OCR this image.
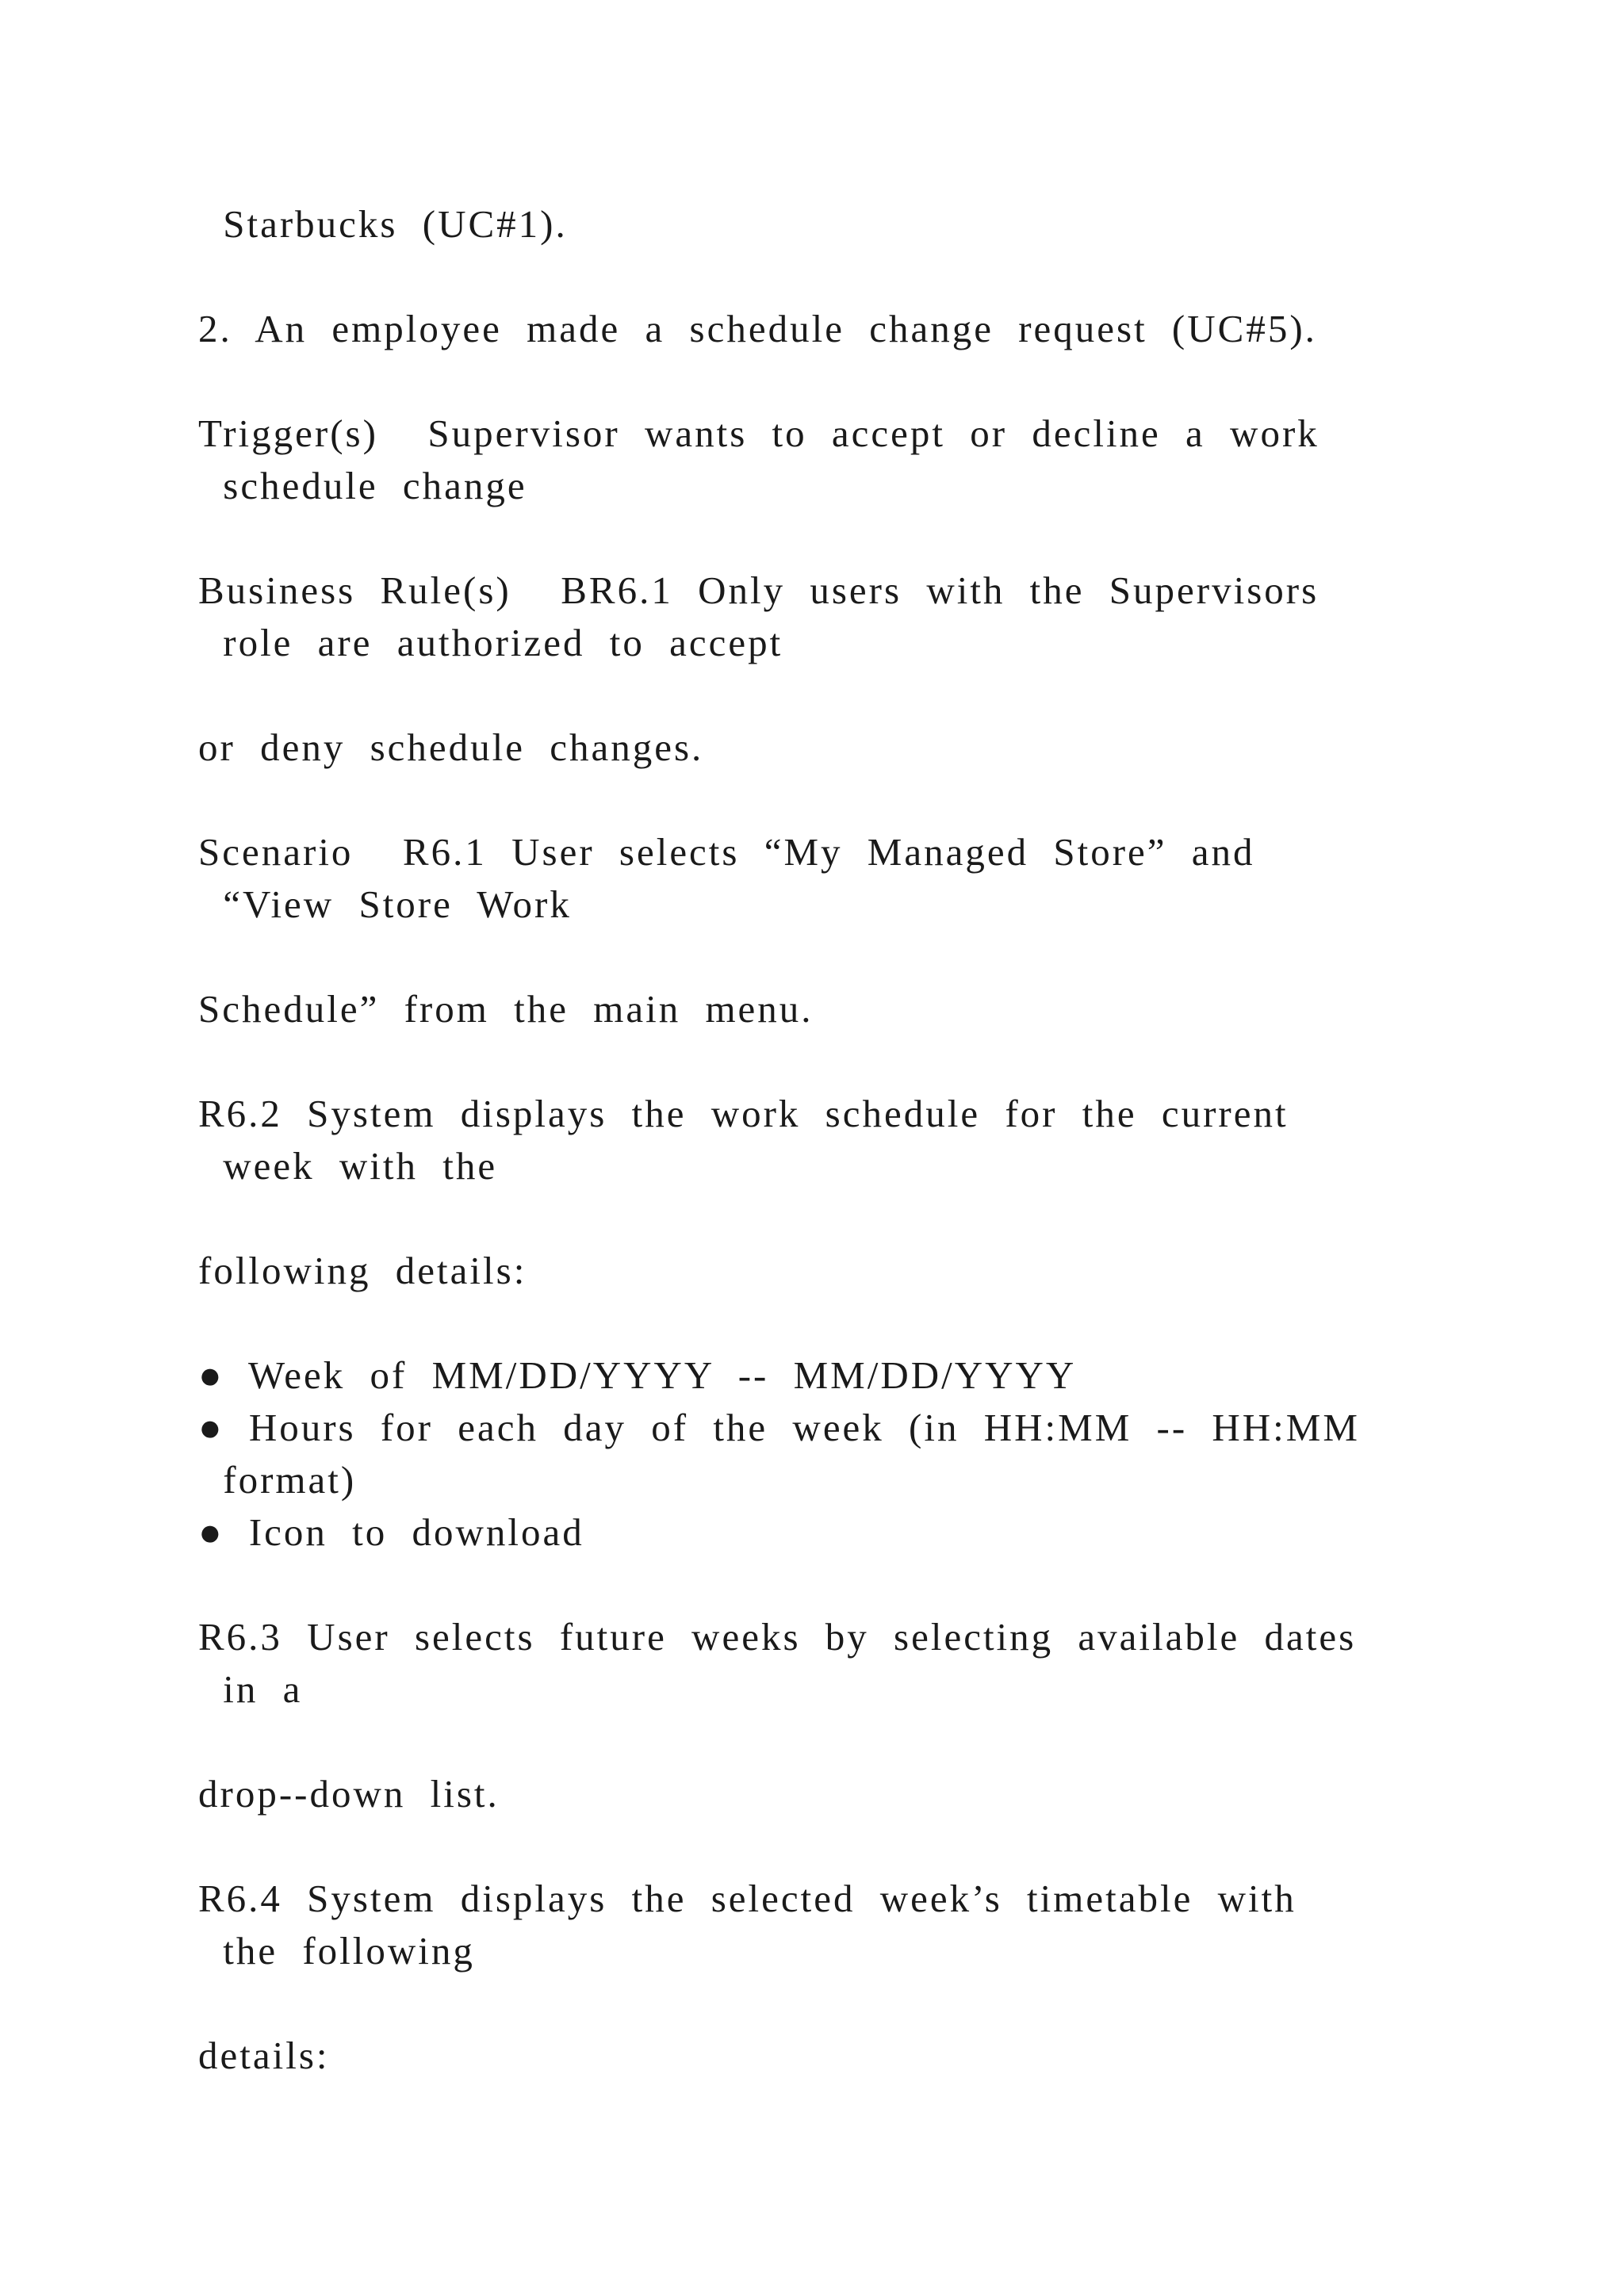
Starbucks (UC#1).

2. An employee made a schedule change request (UC#5).

Trigger(s)  Supervisor wants to accept or decline a work

schedule change

Business Rule(s)  BR6.1 Only users with the Supervisors

role are authorized to accept

or deny schedule changes.

Scenario  R6.1 User selects “My Managed Store” and

“View Store Work

Schedule” from the main menu.

R6.2 System displays the work schedule for the current

week with the

following details:

● Week of MM/DD/YYYY -- MM/DD/YYYY

● Hours for each day of the week (in HH:MM -- HH:MM

format)

● Icon to download

R6.3 User selects future weeks by selecting available dates

in a

drop--down list.

R6.4 System displays the selected week’s timetable with

the following

details:
